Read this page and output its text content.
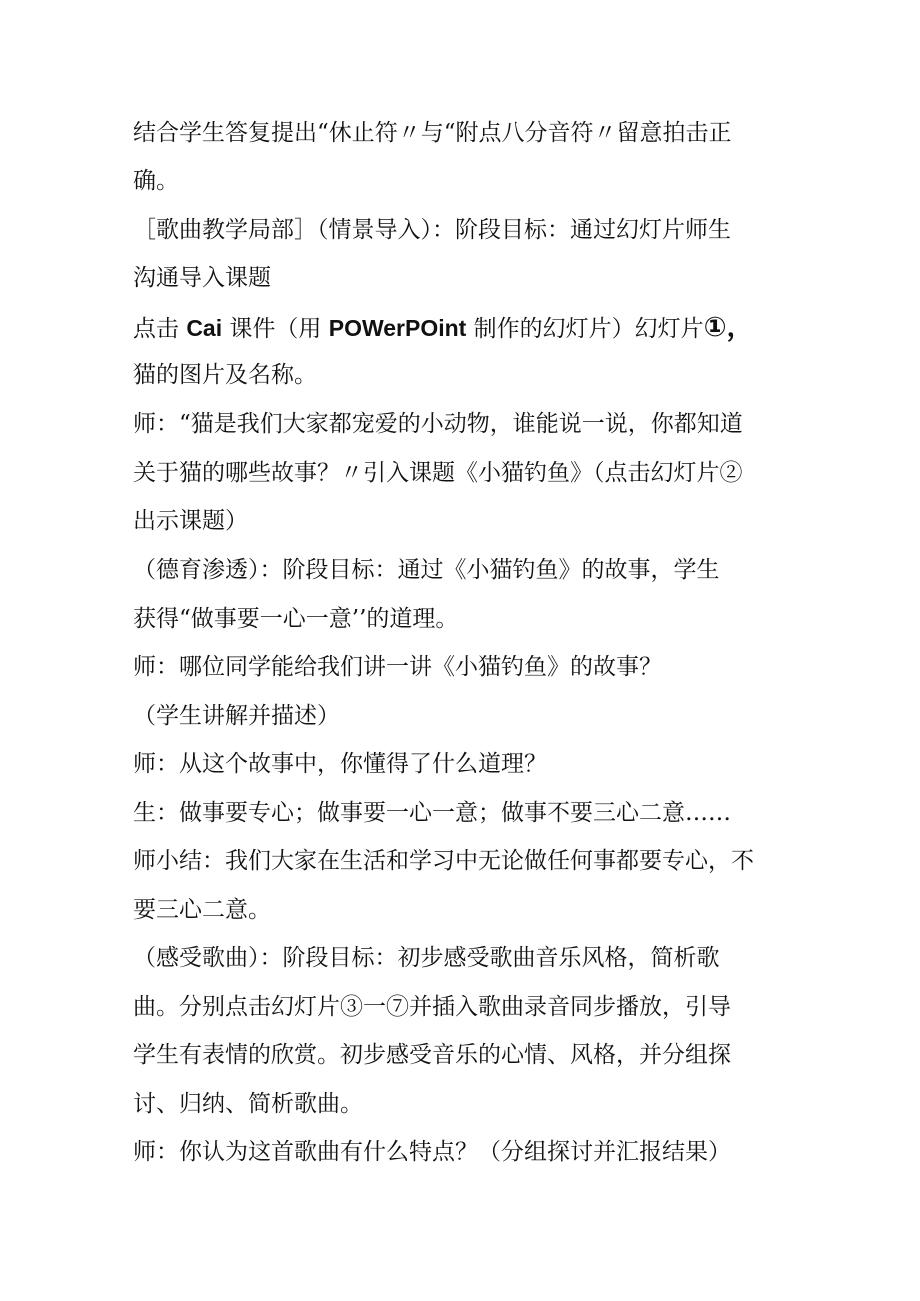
结合学生答复提出“休止符〃与“附点八分音符〃留意拍击正
确。
［歌曲教学局部］（情景导入）：阶段目标：通过幻灯片师生
沟通导入课题
点击 Cai 课件（用 POWerPOint 制作的幻灯片）幻灯片①，
猫的图片及名称。
师：“猫是我们大家都宠爱的小动物，谁能说一说，你都知道
关于猫的哪些故事？〃引入课题《小猫钓鱼》（点击幻灯片②
出示课题）
（德育渗透）：阶段目标：通过《小猫钓鱼》的故事，学生
获得“做事要一心一意’’的道理。
师：哪位同学能给我们讲一讲《小猫钓鱼》的故事？
（学生讲解并描述）
师：从这个故事中，你懂得了什么道理？
生：做事要专心；做事要一心一意；做事不要三心二意……
师小结：我们大家在生活和学习中无论做任何事都要专心，不
要三心二意。
（感受歌曲）：阶段目标：初步感受歌曲音乐风格，简析歌
曲。分别点击幻灯片③一⑦并插入歌曲录音同步播放，引导
学生有表情的欣赏。初步感受音乐的心情、风格，并分组探
讨、归纳、简析歌曲。
师：你认为这首歌曲有什么特点？（分组探讨并汇报结果）
